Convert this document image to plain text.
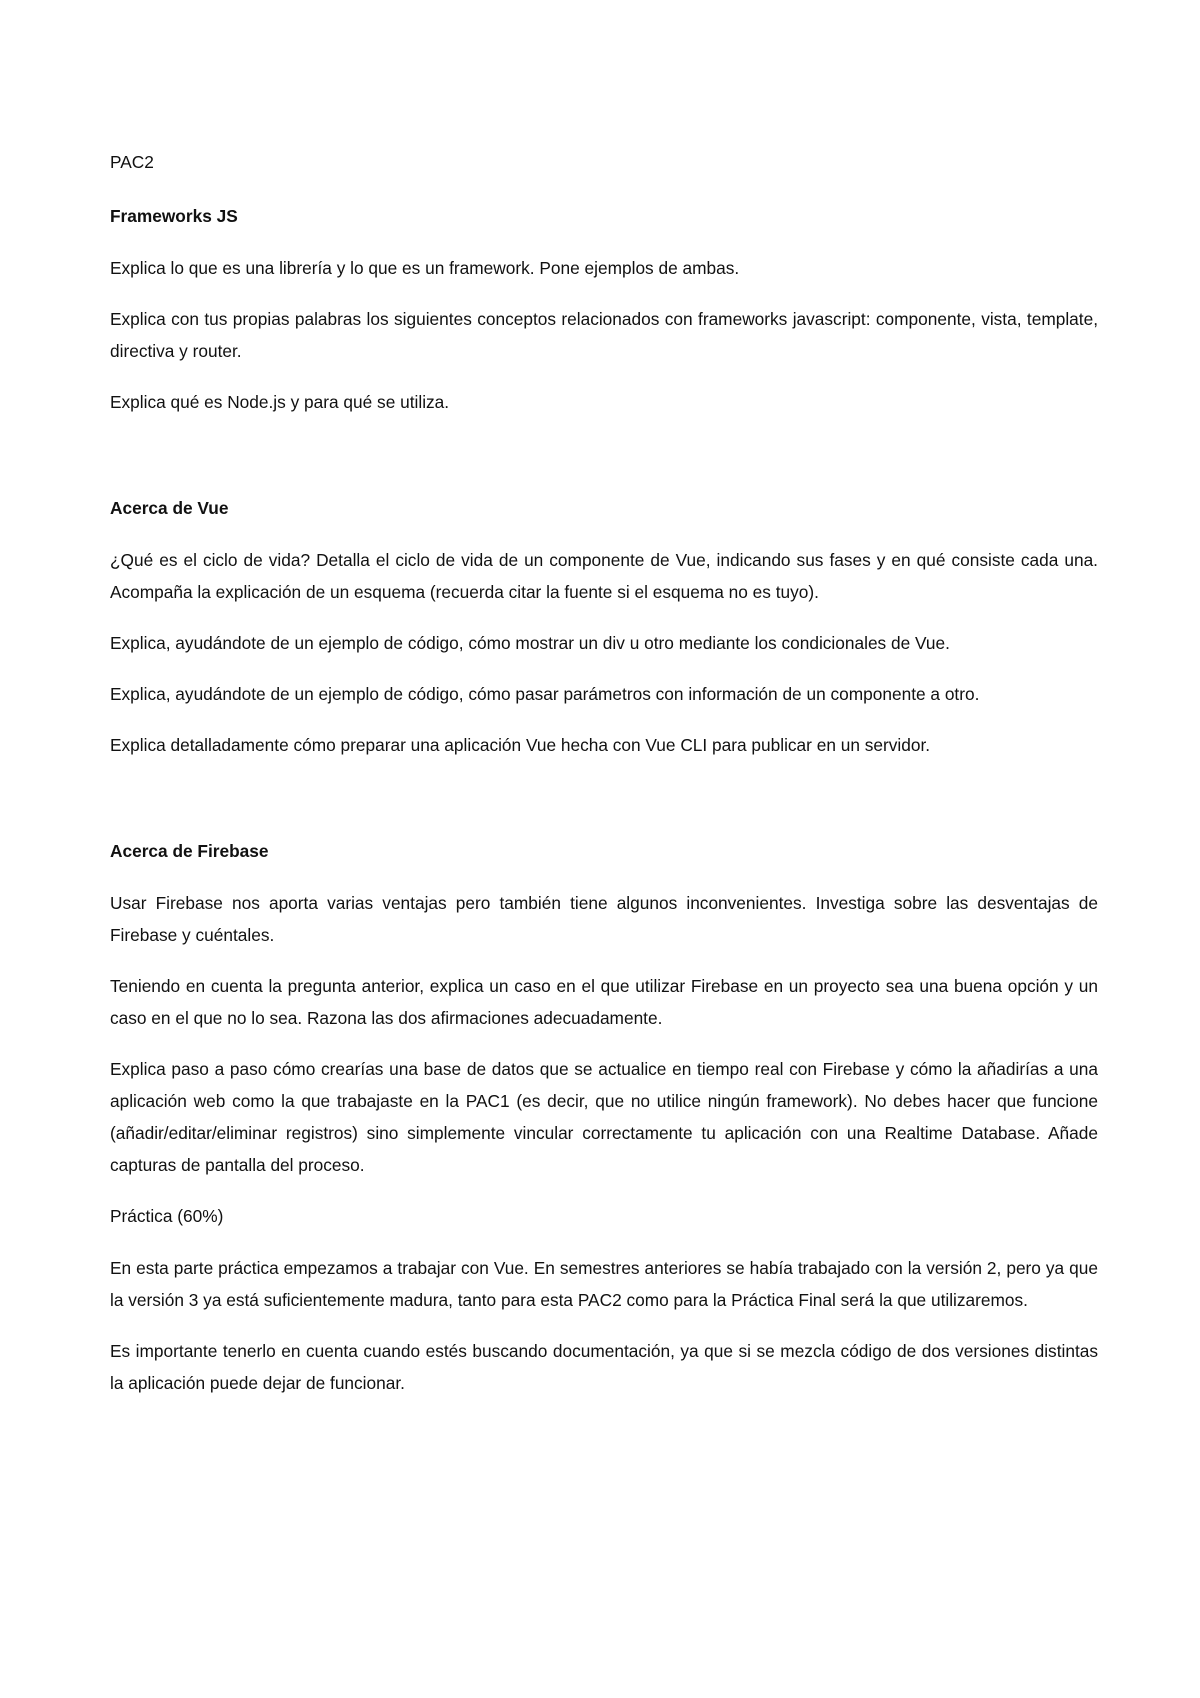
PAC2

Frameworks JS

Explica lo que es una librería y lo que es un framework. Pone ejemplos de ambas.

Explica con tus propias palabras los siguientes conceptos relacionados con frameworks javascript: componente, vista, template, directiva y router.

Explica qué es Node.js y para qué se utiliza.

Acerca de Vue

¿Qué es el ciclo de vida? Detalla el ciclo de vida de un componente de Vue, indicando sus fases y en qué consiste cada una. Acompaña la explicación de un esquema (recuerda citar la fuente si el esquema no es tuyo).

Explica, ayudándote de un ejemplo de código, cómo mostrar un div u otro mediante los condicionales de Vue.

Explica, ayudándote de un ejemplo de código, cómo pasar parámetros con información de un componente a otro.

Explica detalladamente cómo preparar una aplicación Vue hecha con Vue CLI para publicar en un servidor.

Acerca de Firebase

Usar Firebase nos aporta varias ventajas pero también tiene algunos inconvenientes. Investiga sobre las desventajas de Firebase y cuéntales.

Teniendo en cuenta la pregunta anterior, explica un caso en el que utilizar Firebase en un proyecto sea una buena opción y un caso en el que no lo sea. Razona las dos afirmaciones adecuadamente.

Explica paso a paso cómo crearías una base de datos que se actualice en tiempo real con Firebase y cómo la añadirías a una aplicación web como la que trabajaste en la PAC1 (es decir, que no utilice ningún framework). No debes hacer que funcione (añadir/editar/eliminar registros) sino simplemente vincular correctamente tu aplicación con una Realtime Database. Añade capturas de pantalla del proceso.

Práctica (60%)

En esta parte práctica empezamos a trabajar con Vue. En semestres anteriores se había trabajado con la versión 2, pero ya que la versión 3 ya está suficientemente madura, tanto para esta PAC2 como para la Práctica Final será la que utilizaremos.

Es importante tenerlo en cuenta cuando estés buscando documentación, ya que si se mezcla código de dos versiones distintas la aplicación puede dejar de funcionar.
